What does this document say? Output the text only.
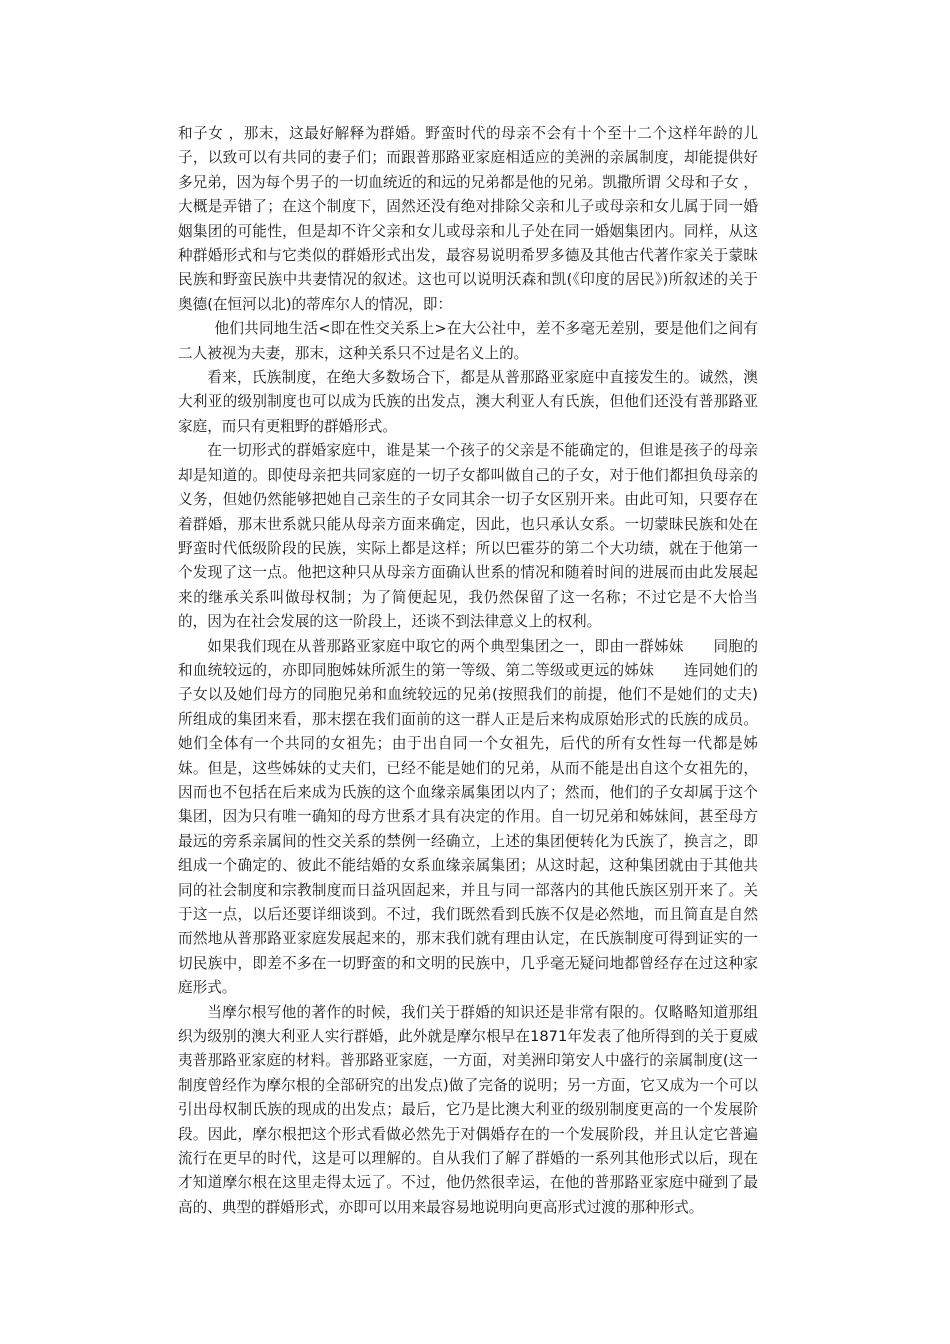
和子女 ，那末，这最好解释为群婚。野蛮时代的母亲不会有十个至十二个这样年龄的儿子，以致可以有共同的妻子们；而跟普那路亚家庭相适应的美洲的亲属制度，却能提供好多兄弟，因为每个男子的一切血统近的和远的兄弟都是他的兄弟。凯撒所谓 父母和子女 ，大概是弄错了；在这个制度下，固然还没有绝对排除父亲和儿子或母亲和女儿属于同一婚姻集团的可能性，但是却不许父亲和女儿或母亲和儿子处在同一婚姻集团内。同样，从这种群婚形式和与它类似的群婚形式出发，最容易说明希罗多德及其他古代著作家关于蒙昧民族和野蛮民族中共妻情况的叙述。这也可以说明沃森和凯(《印度的居民》)所叙述的关于奥德(在恒河以北)的蒂库尔人的情况，即：

他们共同地生活<即在性交关系上>在大公社中，差不多毫无差别，要是他们之间有二人被视为夫妻，那末，这种关系只不过是名义上的。

看来，氏族制度，在绝大多数场合下，都是从普那路亚家庭中直接发生的。诚然，澳大利亚的级别制度也可以成为氏族的出发点，澳大利亚人有氏族，但他们还没有普那路亚家庭，而只有更粗野的群婚形式。

在一切形式的群婚家庭中，谁是某一个孩子的父亲是不能确定的，但谁是孩子的母亲却是知道的。即使母亲把共同家庭的一切子女都叫做自己的子女，对于他们都担负母亲的义务，但她仍然能够把她自己亲生的子女同其余一切子女区别开来。由此可知，只要存在着群婚，那末世系就只能从母亲方面来确定，因此，也只承认女系。一切蒙昧民族和处在野蛮时代低级阶段的民族，实际上都是这样；所以巴霍芬的第二个大功绩，就在于他第一个发现了这一点。他把这种只从母亲方面确认世系的情况和随着时间的进展而由此发展起来的继承关系叫做母权制；为了简便起见，我仍然保留了这一名称；不过它是不大恰当的，因为在社会发展的这一阶段上，还谈不到法律意义上的权利。

如果我们现在从普那路亚家庭中取它的两个典型集团之一，即由一群姊妹　　同胞的和血统较远的，亦即同胞姊妹所派生的第一等级、第二等级或更远的姊妹　　连同她们的子女以及她们母方的同胞兄弟和血统较远的兄弟(按照我们的前提，他们不是她们的丈夫)所组成的集团来看，那末摆在我们面前的这一群人正是后来构成原始形式的氏族的成员。她们全体有一个共同的女祖先；由于出自同一个女祖先，后代的所有女性每一代都是姊妹。但是，这些姊妹的丈夫们，已经不能是她们的兄弟，从而不能是出自这个女祖先的，因而也不包括在后来成为氏族的这个血缘亲属集团以内了；然而，他们的子女却属于这个集团，因为只有唯一确知的母方世系才具有决定的作用。自一切兄弟和姊妹间，甚至母方最远的旁系亲属间的性交关系的禁例一经确立，上述的集团便转化为氏族了，换言之，即组成一个确定的、彼此不能结婚的女系血缘亲属集团；从这时起，这种集团就由于其他共同的社会制度和宗教制度而日益巩固起来，并且与同一部落内的其他氏族区别开来了。关于这一点，以后还要详细谈到。不过，我们既然看到氏族不仅是必然地，而且简直是自然而然地从普那路亚家庭发展起来的，那末我们就有理由认定，在氏族制度可得到证实的一切民族中，即差不多在一切野蛮的和文明的民族中，几乎毫无疑问地都曾经存在过这种家庭形式。

当摩尔根写他的著作的时候，我们关于群婚的知识还是非常有限的。仅略略知道那组织为级别的澳大利亚人实行群婚，此外就是摩尔根早在1871年发表了他所得到的关于夏威夷普那路亚家庭的材料。普那路亚家庭，一方面，对美洲印第安人中盛行的亲属制度(这一制度曾经作为摩尔根的全部研究的出发点)做了完备的说明；另一方面，它又成为一个可以引出母权制氏族的现成的出发点；最后，它乃是比澳大利亚的级别制度更高的一个发展阶段。因此，摩尔根把这个形式看做必然先于对偶婚存在的一个发展阶段，并且认定它普遍流行在更早的时代，这是可以理解的。自从我们了解了群婚的一系列其他形式以后，现在才知道摩尔根在这里走得太远了。不过，他仍然很幸运，在他的普那路亚家庭中碰到了最高的、典型的群婚形式，亦即可以用来最容易地说明向更高形式过渡的那种形式。
